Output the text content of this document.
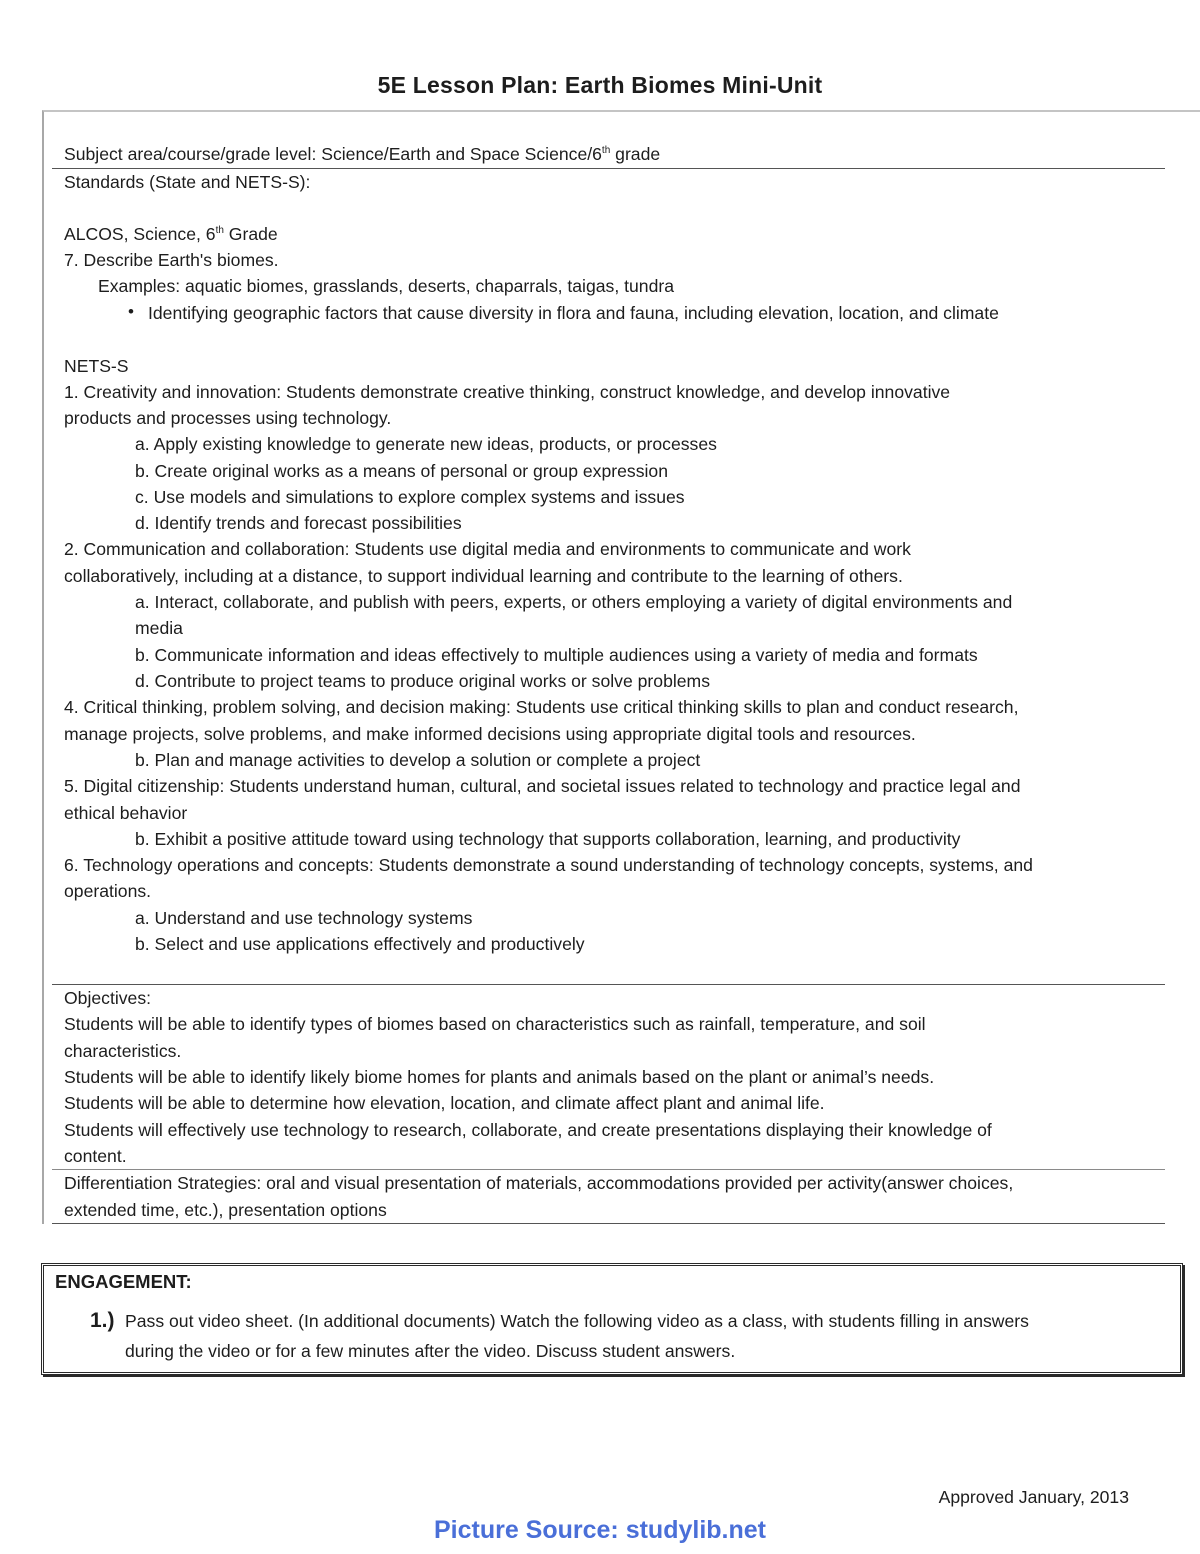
5E Lesson Plan: Earth Biomes Mini-Unit
Subject area/course/grade level: Science/Earth and Space Science/6th grade
Standards (State and NETS-S):
ALCOS, Science, 6th Grade
7. Describe Earth's biomes.
Examples: aquatic biomes, grasslands, deserts, chaparrals, taigas, tundra
• Identifying geographic factors that cause diversity in flora and fauna, including elevation, location, and climate
NETS-S
1. Creativity and innovation: Students demonstrate creative thinking, construct knowledge, and develop innovative
products and processes using technology.
a. Apply existing knowledge to generate new ideas, products, or processes
b. Create original works as a means of personal or group expression
c. Use models and simulations to explore complex systems and issues
d. Identify trends and forecast possibilities
2. Communication and collaboration: Students use digital media and environments to communicate and work
collaboratively, including at a distance, to support individual learning and contribute to the learning of others.
a. Interact, collaborate, and publish with peers, experts, or others employing a variety of digital environments and
media
b. Communicate information and ideas effectively to multiple audiences using a variety of media and formats
d. Contribute to project teams to produce original works or solve problems
4. Critical thinking, problem solving, and decision making: Students use critical thinking skills to plan and conduct research,
manage projects, solve problems, and make informed decisions using appropriate digital tools and resources.
b. Plan and manage activities to develop a solution or complete a project
5. Digital citizenship: Students understand human, cultural, and societal issues related to technology and practice legal and
ethical behavior
b. Exhibit a positive attitude toward using technology that supports collaboration, learning, and productivity
6. Technology operations and concepts: Students demonstrate a sound understanding of technology concepts, systems, and
operations.
a. Understand and use technology systems
b. Select and use applications effectively and productively
Objectives:
Students will be able to identify types of biomes based on characteristics such as rainfall, temperature, and soil
characteristics.
Students will be able to identify likely biome homes for plants and animals based on the plant or animal’s needs.
Students will be able to determine how elevation, location, and climate affect plant and animal life.
Students will effectively use technology to research, collaborate, and create presentations displaying their knowledge of
content.
Differentiation Strategies: oral and visual presentation of materials, accommodations provided per activity(answer choices,
extended time, etc.), presentation options
ENGAGEMENT:
1.) Pass out video sheet. (In additional documents) Watch the following video as a class, with students filling in answers
during the video or for a few minutes after the video. Discuss student answers.
Approved January, 2013
Picture Source: studylib.net
